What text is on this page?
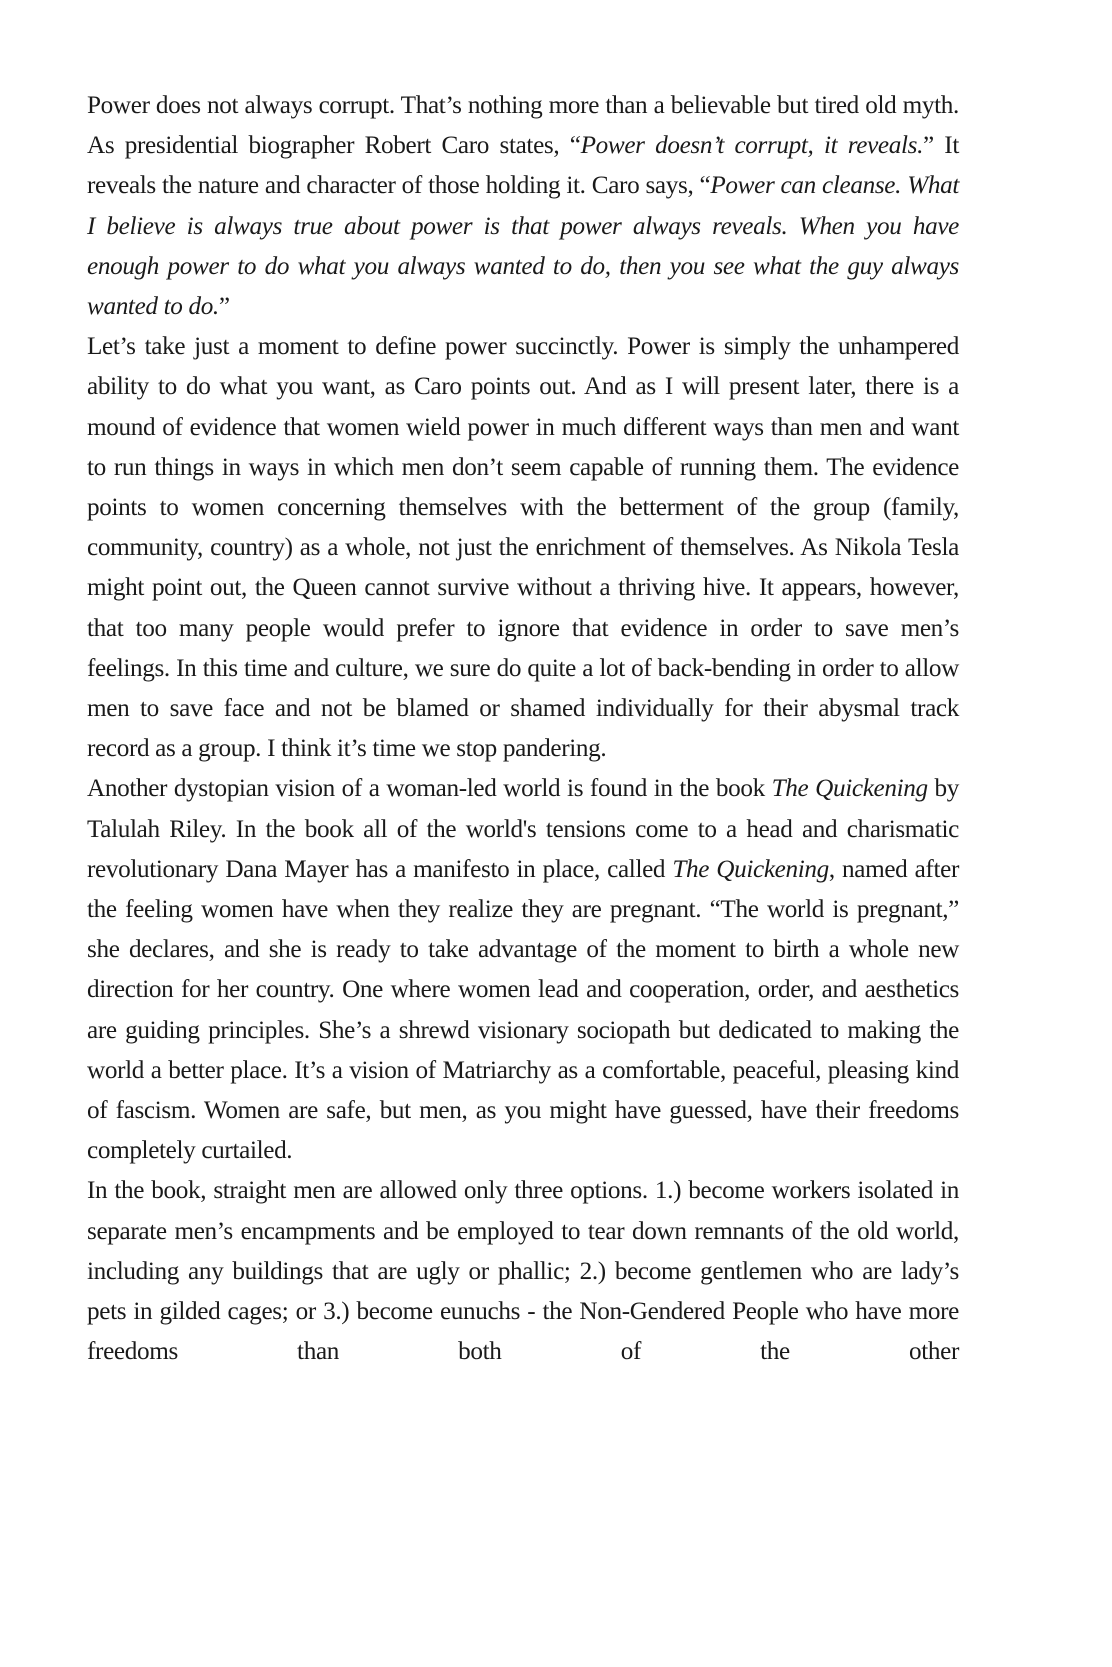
Power does not always corrupt. That’s nothing more than a believable but tired old myth. As presidential biographer Robert Caro states, “Power doesn’t corrupt, it reveals.” It reveals the nature and character of those holding it. Caro says, “Power can cleanse. What I believe is always true about power is that power always reveals. When you have enough power to do what you always wanted to do, then you see what the guy always wanted to do.”

Let’s take just a moment to define power succinctly. Power is simply the unhampered ability to do what you want, as Caro points out. And as I will present later, there is a mound of evidence that women wield power in much different ways than men and want to run things in ways in which men don’t seem capable of running them. The evidence points to women concerning themselves with the betterment of the group (family, community, country) as a whole, not just the enrichment of themselves. As Nikola Tesla might point out, the Queen cannot survive without a thriving hive. It appears, however, that too many people would prefer to ignore that evidence in order to save men’s feelings. In this time and culture, we sure do quite a lot of back-bending in order to allow men to save face and not be blamed or shamed individually for their abysmal track record as a group. I think it’s time we stop pandering.

Another dystopian vision of a woman-led world is found in the book The Quickening by Talulah Riley. In the book all of the world's tensions come to a head and charismatic revolutionary Dana Mayer has a manifesto in place, called The Quickening, named after the feeling women have when they realize they are pregnant. “The world is pregnant,” she declares, and she is ready to take advantage of the moment to birth a whole new direction for her country. One where women lead and cooperation, order, and aesthetics are guiding principles. She’s a shrewd visionary sociopath but dedicated to making the world a better place. It’s a vision of Matriarchy as a comfortable, peaceful, pleasing kind of fascism. Women are safe, but men, as you might have guessed, have their freedoms completely curtailed.

In the book, straight men are allowed only three options. 1.) become workers isolated in separate men’s encampments and be employed to tear down remnants of the old world, including any buildings that are ugly or phallic; 2.) become gentlemen who are lady’s pets in gilded cages; or 3.) become eunuchs - the Non-Gendered People who have more freedoms than both of the other
